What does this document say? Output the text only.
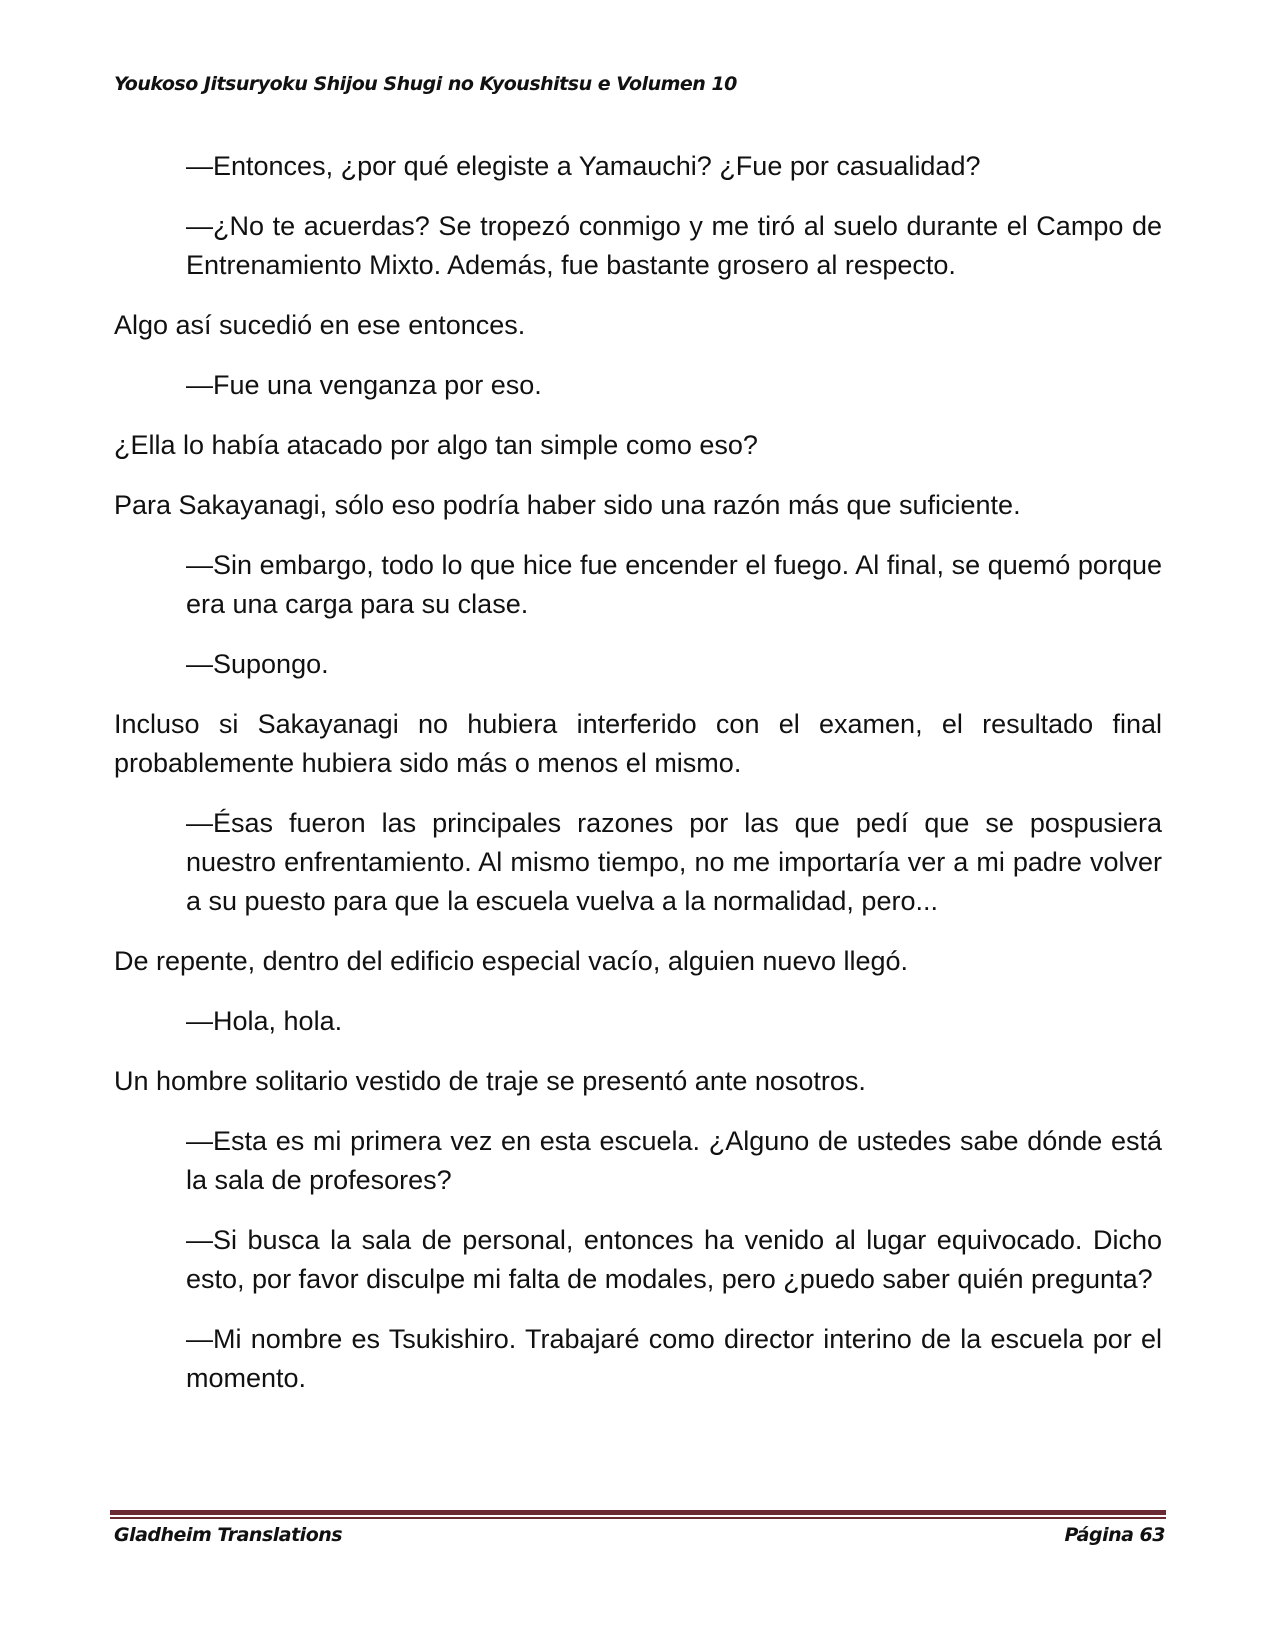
Youkoso Jitsuryoku Shijou Shugi no Kyoushitsu e Volumen 10

—Entonces, ¿por qué elegiste a Yamauchi? ¿Fue por casualidad?

—¿No te acuerdas? Se tropezó conmigo y me tiró al suelo durante el Campo de Entrenamiento Mixto. Además, fue bastante grosero al respecto.

Algo así sucedió en ese entonces.

—Fue una venganza por eso.

¿Ella lo había atacado por algo tan simple como eso?

Para Sakayanagi, sólo eso podría haber sido una razón más que suficiente.

—Sin embargo, todo lo que hice fue encender el fuego. Al final, se quemó porque era una carga para su clase.

—Supongo.

Incluso si Sakayanagi no hubiera interferido con el examen, el resultado final probablemente hubiera sido más o menos el mismo.

—Ésas fueron las principales razones por las que pedí que se pospusiera nuestro enfrentamiento. Al mismo tiempo, no me importaría ver a mi padre volver a su puesto para que la escuela vuelva a la normalidad, pero...

De repente, dentro del edificio especial vacío, alguien nuevo llegó.

—Hola, hola.

Un hombre solitario vestido de traje se presentó ante nosotros.

—Esta es mi primera vez en esta escuela. ¿Alguno de ustedes sabe dónde está la sala de profesores?

—Si busca la sala de personal, entonces ha venido al lugar equivocado. Dicho esto, por favor disculpe mi falta de modales, pero ¿puedo saber quién pregunta?

—Mi nombre es Tsukishiro. Trabajaré como director interino de la escuela por el momento.

Gladheim Translations	Página 63
